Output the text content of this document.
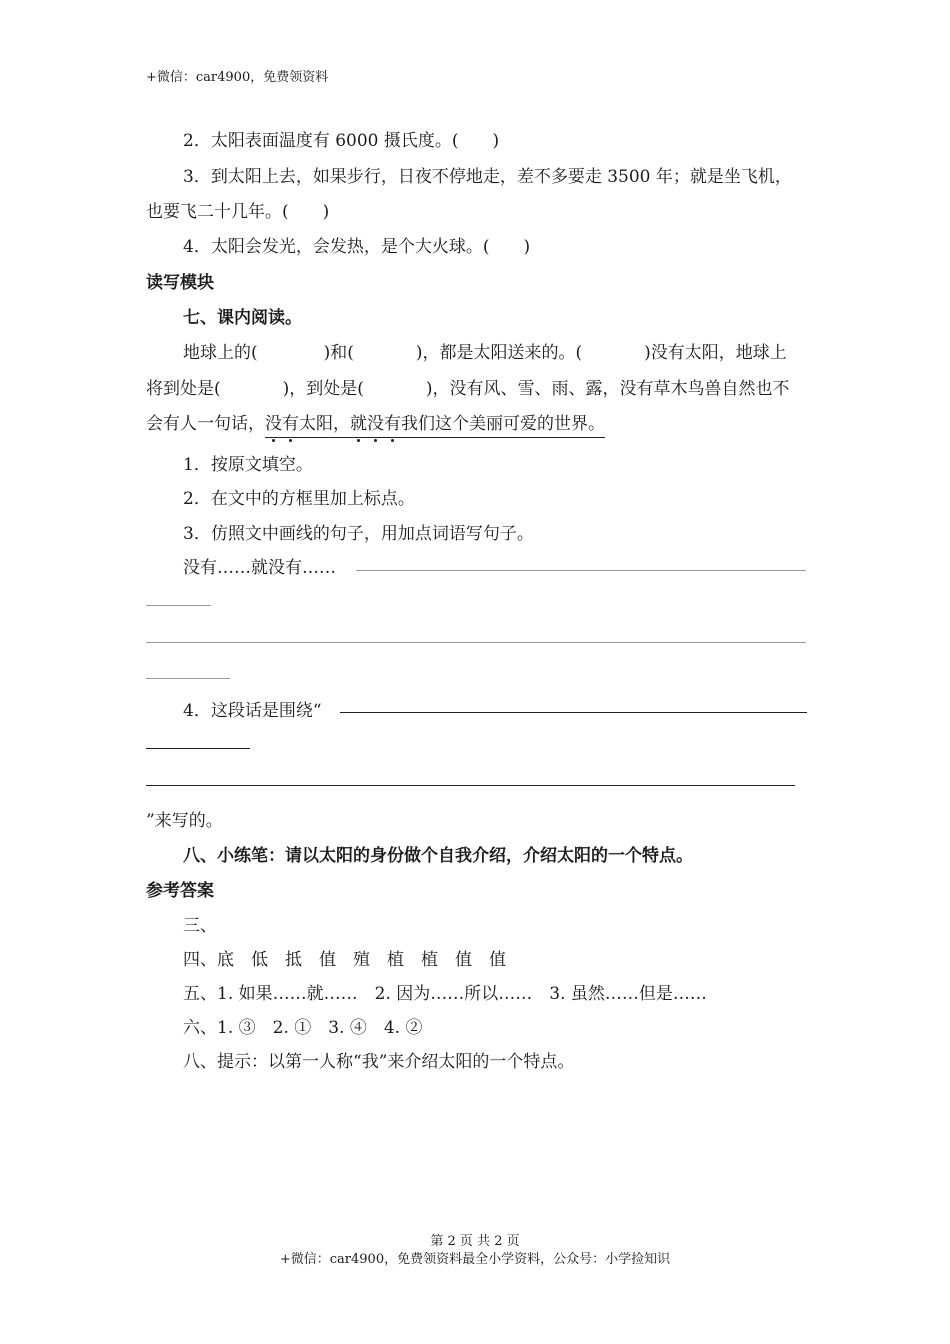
+微信：car4900，免费领资料
2．太阳表面温度有 6000 摄氏度。(　　)
3．到太阳上去，如果步行，日夜不停地走，差不多要走 3500 年；就是坐飞机，
也要飞二十几年。(　　)
4．太阳会发光，会发热，是个大火球。(　　)
读写模块
七、课内阅读。
地球上的(	)和(	)，都是太阳送来的。(	)没有太阳，地球上
将到处是(	)，到处是(	)，没有风、雪、雨、露，没有草木鸟兽自然也不
会有人一句话，没有太阳，就没有我们这个美丽可爱的世界。
1．按原文填空。
2．在文中的方框里加上标点。
3．仿照文中画线的句子，用加点词语写句子。
没有……就没有……
4．这段话是围绕“
”来写的。
八、小练笔：请以太阳的身份做个自我介绍，介绍太阳的一个特点。
参考答案
三、
四、底　低　抵　值　殖　植　植　值　值
五、1. 如果……就……　2. 因为……所以……　3. 虽然……但是……
六、1. ③　2. ①　3. ④　4. ②
八、提示：以第一人称“我”来介绍太阳的一个特点。
第 2 页 共 2 页
+微信：car4900，免费领资料最全小学资料，公众号：小学捡知识
